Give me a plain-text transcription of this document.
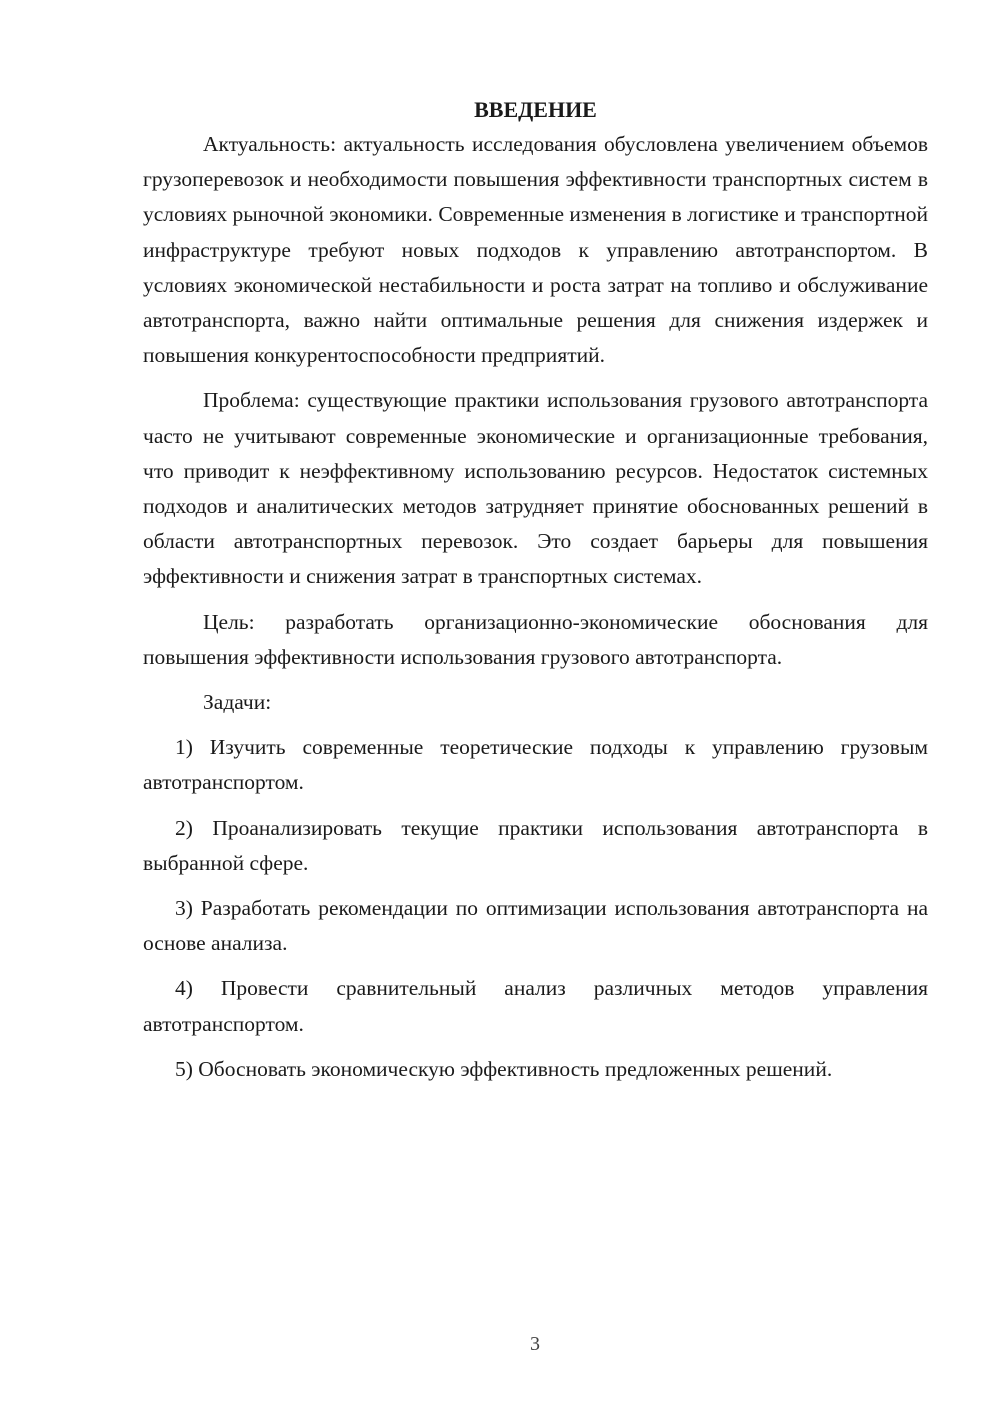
ВВЕДЕНИЕ

Актуальность: актуальность исследования обусловлена увеличением объемов грузоперевозок и необходимости повышения эффективности транспортных систем в условиях рыночной экономики. Современные изменения в логистике и транспортной инфраструктуре требуют новых подходов к управлению автотранспортом. В условиях экономической нестабильности и роста затрат на топливо и обслуживание автотранспорта, важно найти оптимальные решения для снижения издержек и повышения конкурентоспособности предприятий.

Проблема: существующие практики использования грузового автотранспорта часто не учитывают современные экономические и организационные требования, что приводит к неэффективному использованию ресурсов. Недостаток системных подходов и аналитических методов затрудняет принятие обоснованных решений в области автотранспортных перевозок. Это создает барьеры для повышения эффективности и снижения затрат в транспортных системах.

Цель: разработать организационно-экономические обоснования для повышения эффективности использования грузового автотранспорта.

Задачи:

1) Изучить современные теоретические подходы к управлению грузовым автотранспортом.

2) Проанализировать текущие практики использования автотранспорта в выбранной сфере.

3) Разработать рекомендации по оптимизации использования автотранспорта на основе анализа.

4) Провести сравнительный анализ различных методов управления автотранспортом.

5) Обосновать экономическую эффективность предложенных решений.

3
